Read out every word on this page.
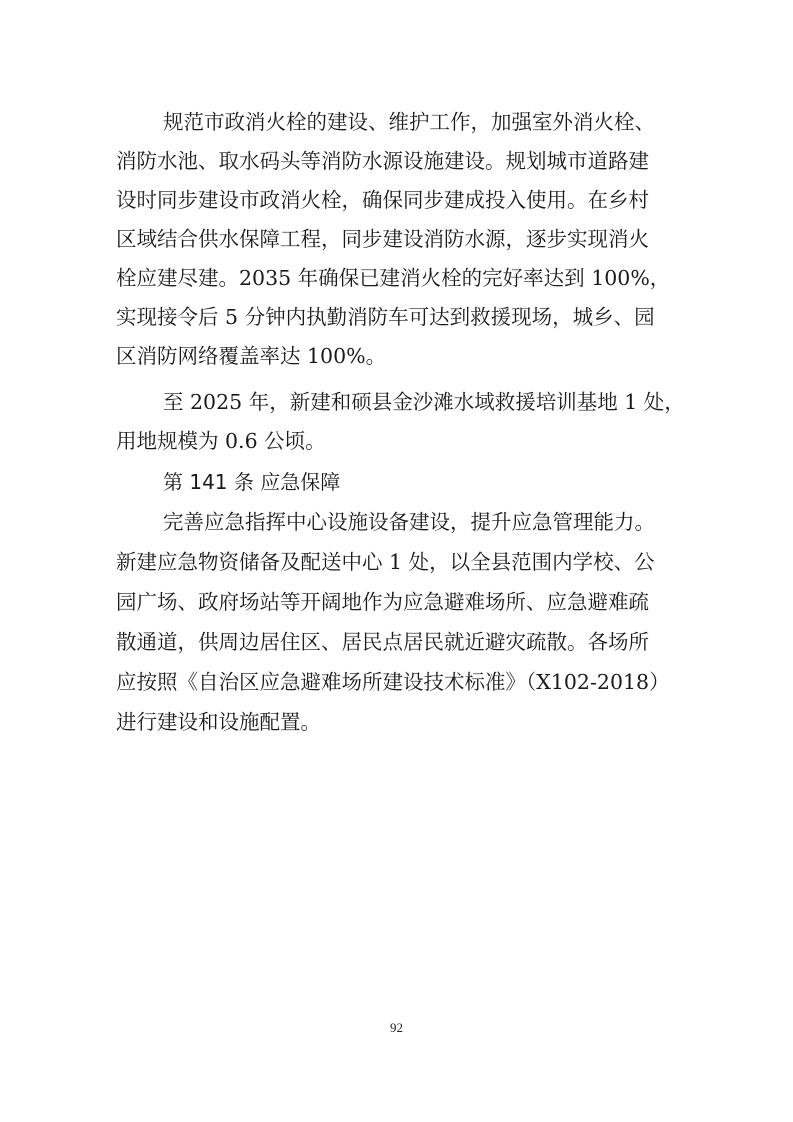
规范市政消火栓的建设、维护工作，加强室外消火栓、

消防水池、取水码头等消防水源设施建设。规划城市道路建

设时同步建设市政消火栓，确保同步建成投入使用。在乡村

区域结合供水保障工程，同步建设消防水源，逐步实现消火

栓应建尽建。2035 年确保已建消火栓的完好率达到 100%，

实现接令后 5 分钟内执勤消防车可达到救援现场，城乡、园

区消防网络覆盖率达 100%。

至 2025 年，新建和硕县金沙滩水域救援培训基地 1 处，

用地规模为 0.6 公顷。

第 141 条 应急保障

完善应急指挥中心设施设备建设，提升应急管理能力。

新建应急物资储备及配送中心 1 处，以全县范围内学校、公

园广场、政府场站等开阔地作为应急避难场所、应急避难疏

散通道，供周边居住区、居民点居民就近避灾疏散。各场所

应按照《自治区应急避难场所建设技术标准》（X102-2018）

进行建设和设施配置。

92
